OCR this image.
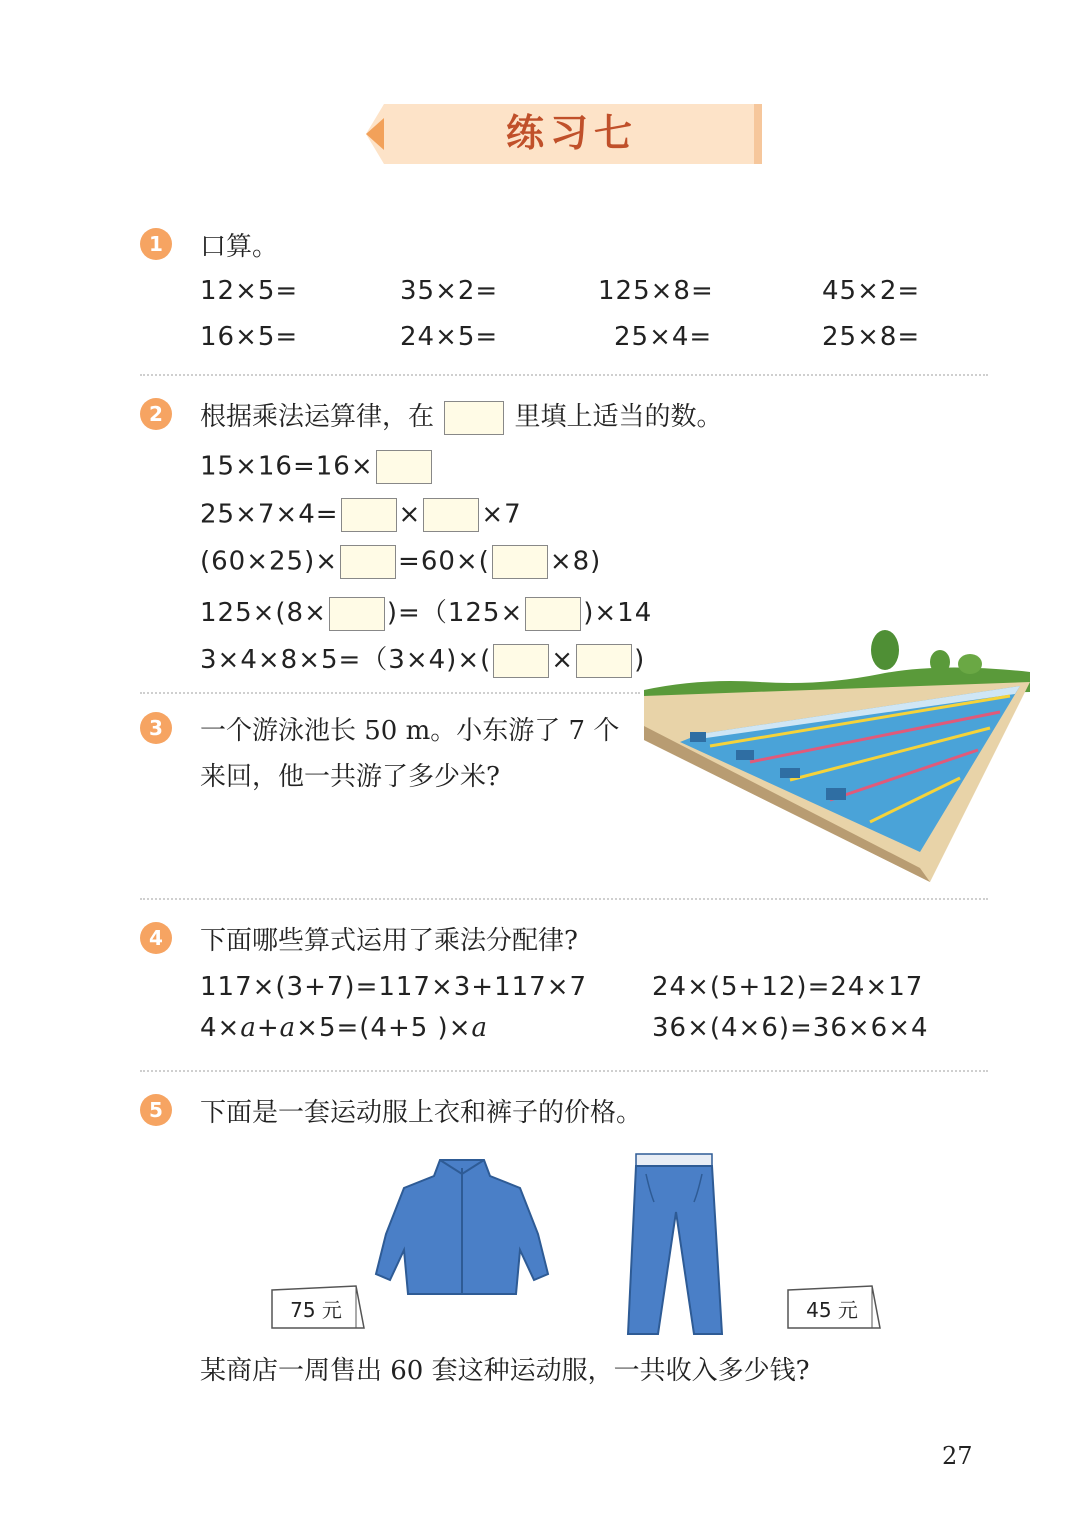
练习七
1	口算。
12×5=	35×2=	125×8=	45×2=
16×5=	24×5=	25×4=	25×8=
2	根据乘法运算律，在	里填上适当的数。
15×16=16×
25×7×4= × ×7
(60×25)× =60×( ×8)
125×(8× )=（125× )×14
3×4×8×5=（3×4)×( × )
3	一个游泳池长 50 m。小东游了 7 个
来回，他一共游了多少米?
4	下面哪些算式运用了乘法分配律?
117×(3+7)=117×3+117×7 24×(5+12)=24×17
4×a+a×5=(4+5 )×a	36×(4×6)=36×6×4
5	下面是一套运动服上衣和裤子的价格。
75 元	45 元
某商店一周售出 60 套这种运动服，一共收入多少钱?
27
